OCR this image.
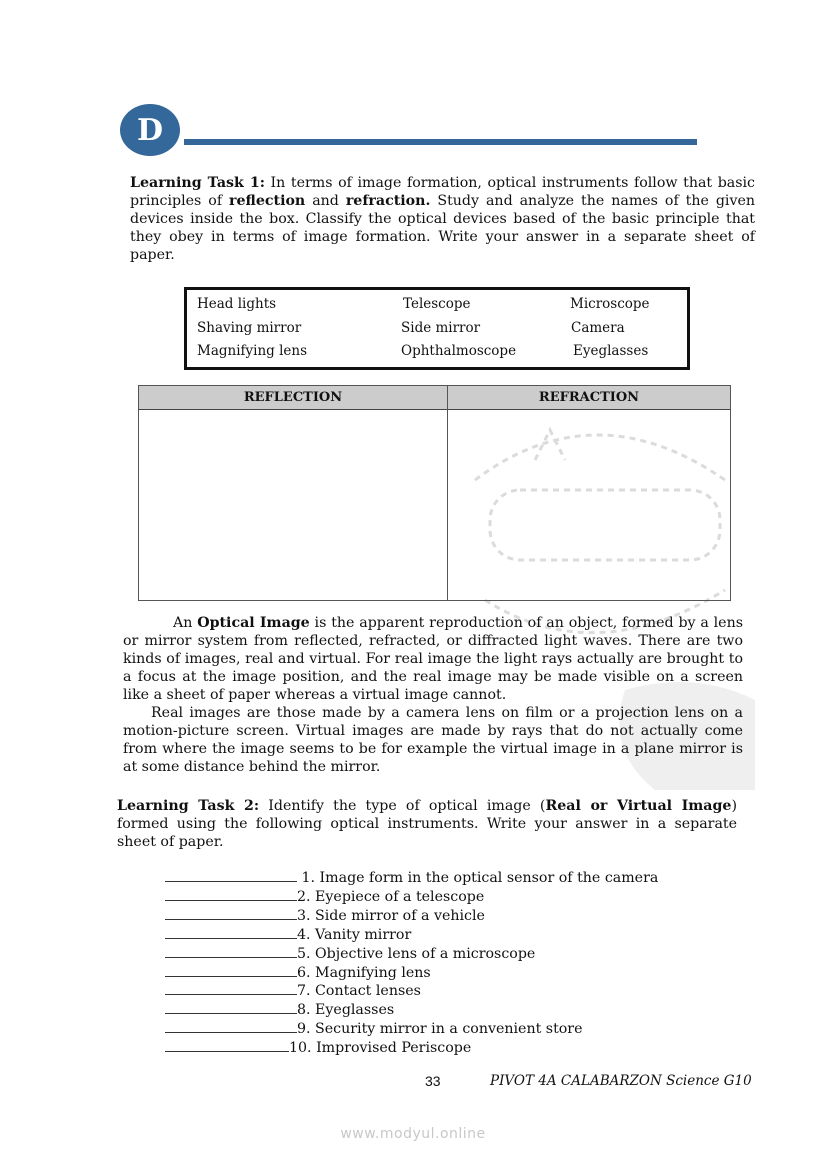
D
Learning Task 1: In terms of image formation, optical instruments follow that basic principles of reflection and refraction. Study and analyze the names of the given devices inside the box. Classify the optical devices based of the basic principle that they obey in terms of image formation. Write your answer in a separate sheet of paper.
Head lights	Telescope	Microscope
Shaving mirror	Side mirror	Camera
Magnifying lens	Ophthalmoscope	Eyeglasses
REFLECTION	REFRACTION
An Optical Image is the apparent reproduction of an object, formed by a lens or mirror system from reflected, refracted, or diffracted light waves. There are two kinds of images, real and virtual. For real image the light rays actually are brought to a focus at the image position, and the real image may be made visible on a screen like a sheet of paper whereas a virtual image cannot.
Real images are those made by a camera lens on film or a projection lens on a motion-picture screen. Virtual images are made by rays that do not actually come from where the image seems to be for example the virtual image in a plane mirror is at some distance behind the mirror.
Learning Task 2: Identify the type of optical image (Real or Virtual Image) formed using the following optical instruments. Write your answer in a separate sheet of paper.
1. Image form in the optical sensor of the camera
2. Eyepiece of a telescope
3. Side mirror of a vehicle
4. Vanity mirror
5. Objective lens of a microscope
6. Magnifying lens
7. Contact lenses
8. Eyeglasses
9. Security mirror in a convenient store
10. Improvised Periscope
33	PIVOT 4A CALABARZON Science G10
www.modyul.online
